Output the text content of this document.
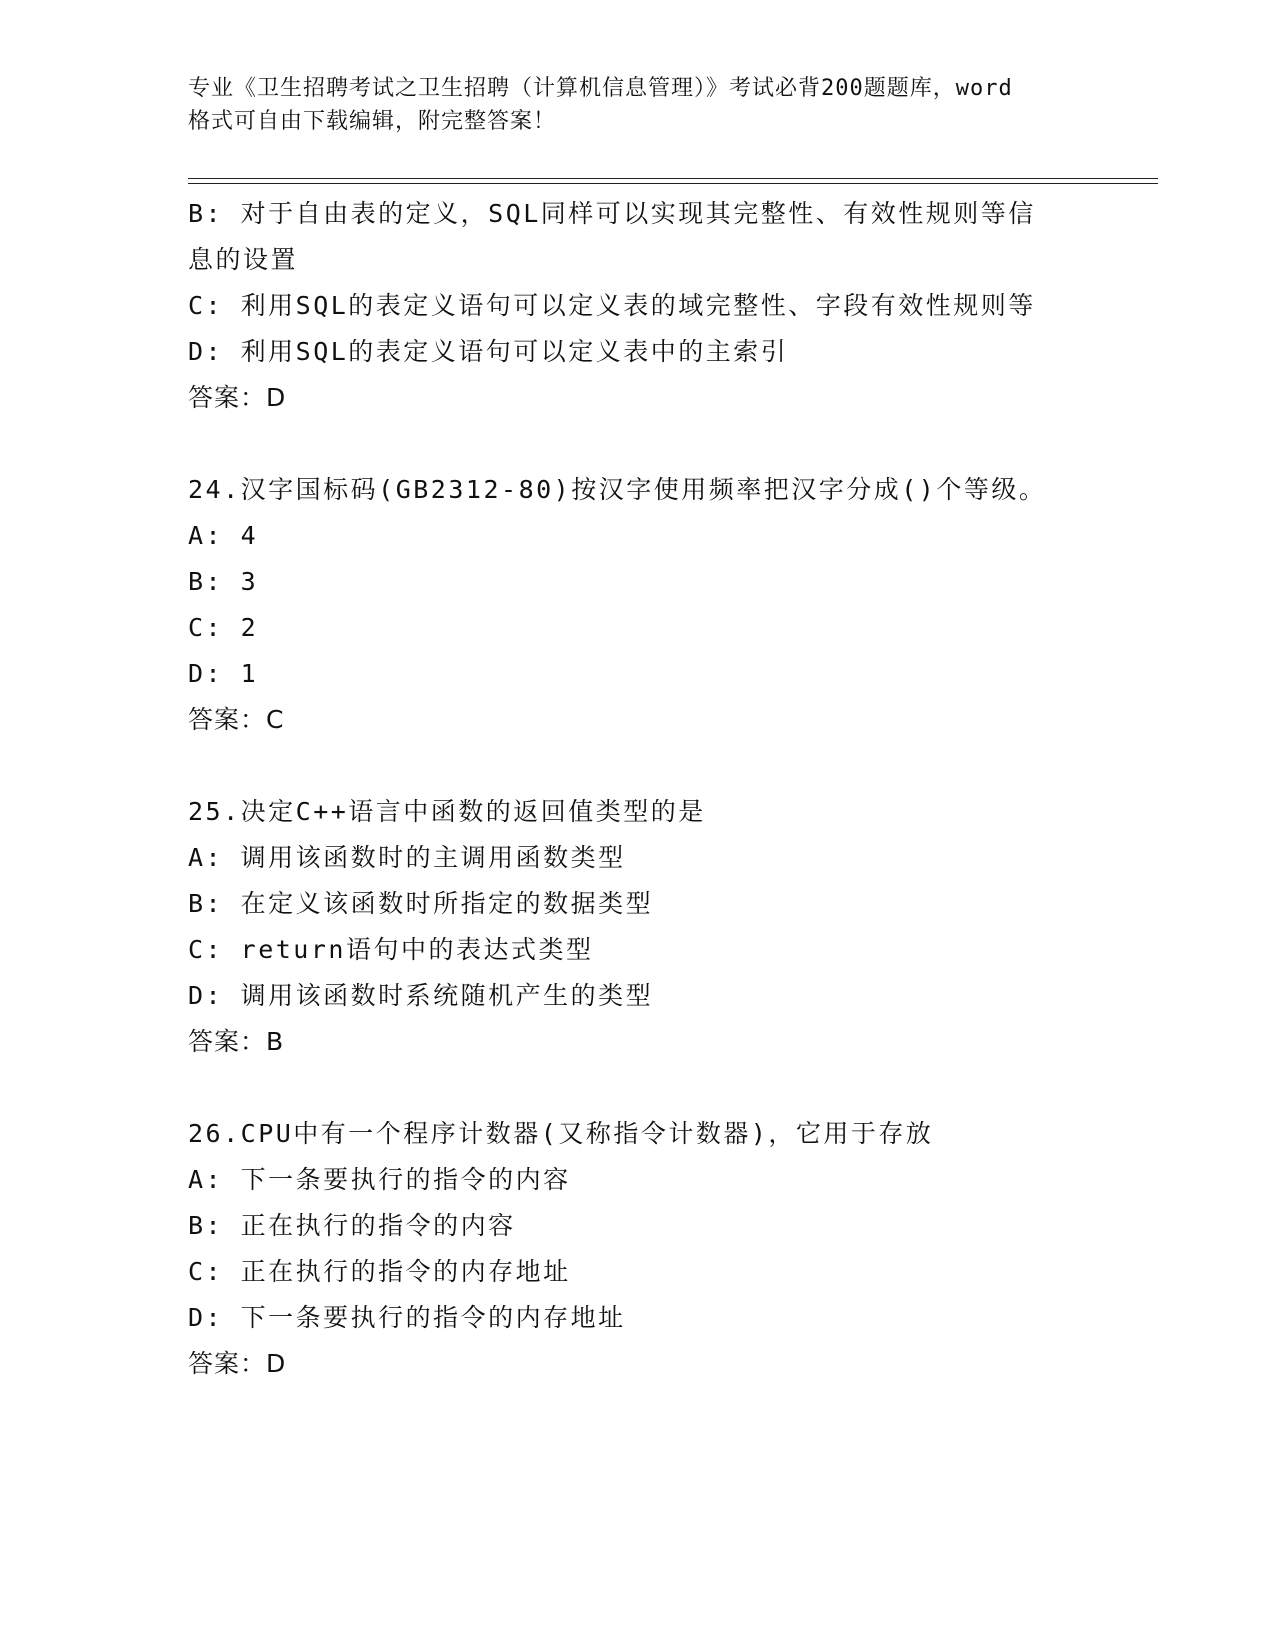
专业《卫生招聘考试之卫生招聘（计算机信息管理）》考试必背200题题库，word
格式可自由下载编辑，附完整答案！
B: 对于自由表的定义，SQL同样可以实现其完整性、有效性规则等信
息的设置
C: 利用SQL的表定义语句可以定义表的域完整性、字段有效性规则等
D: 利用SQL的表定义语句可以定义表中的主索引
答案：D
24.汉字国标码(GB2312-80)按汉字使用频率把汉字分成()个等级。
A: 4
B: 3
C: 2
D: 1
答案：C
25.决定C++语言中函数的返回值类型的是
A: 调用该函数时的主调用函数类型
B: 在定义该函数时所指定的数据类型
C: return语句中的表达式类型
D: 调用该函数时系统随机产生的类型
答案：B
26.CPU中有一个程序计数器(又称指令计数器)，它用于存放
A: 下一条要执行的指令的内容
B: 正在执行的指令的内容
C: 正在执行的指令的内存地址
D: 下一条要执行的指令的内存地址
答案：D
